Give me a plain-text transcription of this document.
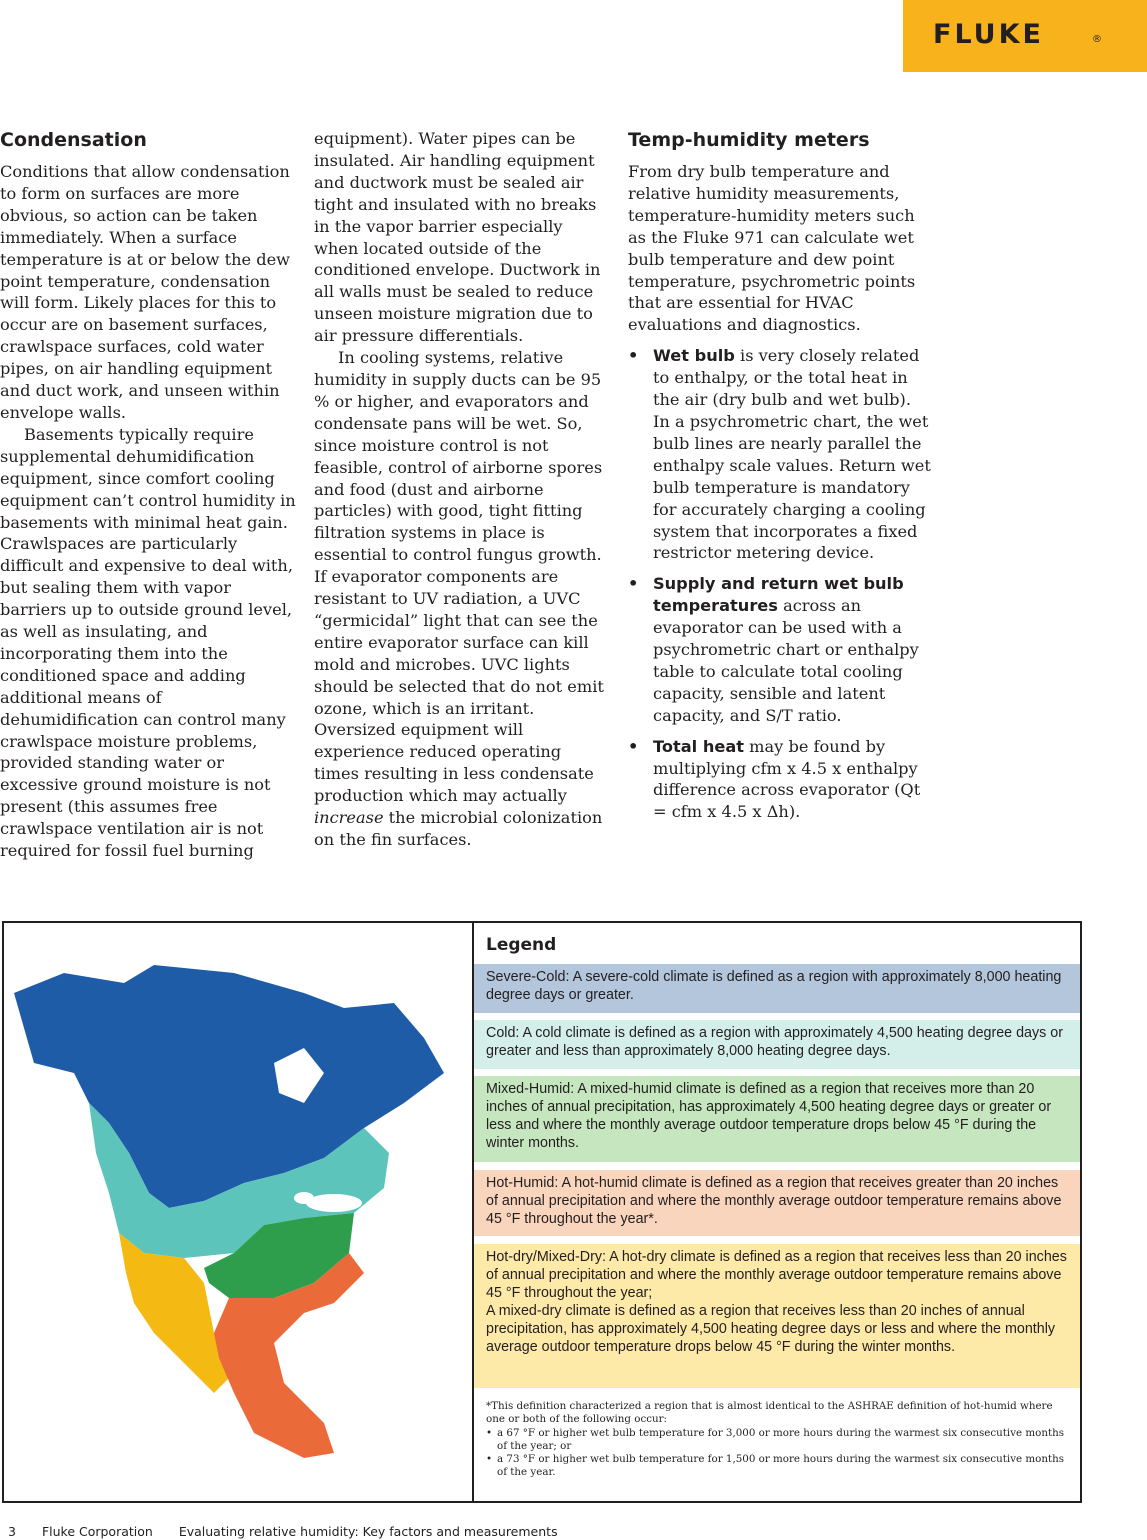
FLUKE	®
Condensation

Conditions that allow condensation to form on surfaces are more obvious, so action can be taken immediately. When a surface temperature is at or below the dew point temperature, condensation will form. Likely places for this to occur are on basement surfaces, crawlspace surfaces, cold water pipes, on air handling equipment and duct work, and unseen within envelope walls.

Basements typically require supplemental dehumidification equipment, since comfort cooling equipment can’t control humidity in basements with minimal heat gain. Crawlspaces are particularly difficult and expensive to deal with, but sealing them with vapor barriers up to outside ground level, as well as insulating, and incorporating them into the conditioned space and adding additional means of dehumidification can control many crawlspace moisture problems, provided standing water or excessive ground moisture is not present (this assumes free crawlspace ventilation air is not required for fossil fuel burning

equipment). Water pipes can be insulated. Air handling equipment and ductwork must be sealed air tight and insulated with no breaks in the vapor barrier especially when located outside of the conditioned envelope. Ductwork in all walls must be sealed to reduce unseen moisture migration due to air pressure differentials.

In cooling systems, relative humidity in supply ducts can be 95 % or higher, and evaporators and condensate pans will be wet. So, since moisture control is not feasible, control of airborne spores and food (dust and airborne particles) with good, tight fitting filtration systems in place is essential to control fungus growth. If evaporator components are resistant to UV radiation, a UVC “germicidal” light that can see the entire evaporator surface can kill mold and microbes. UVC lights should be selected that do not emit ozone, which is an irritant. Oversized equipment will experience reduced operating times resulting in less condensate production which may actually increase the microbial colonization on the fin surfaces.

Temp-humidity meters

From dry bulb temperature and relative humidity measurements, temperature-humidity meters such as the Fluke 971 can calculate wet bulb temperature and dew point temperature, psychrometric points that are essential for HVAC evaluations and diagnostics.

• Wet bulb is very closely related to enthalpy, or the total heat in the air (dry bulb and wet bulb). In a psychrometric chart, the wet bulb lines are nearly parallel the enthalpy scale values. Return wet bulb temperature is mandatory for accurately charging a cooling system that incorporates a fixed restrictor metering device.
• Supply and return wet bulb temperatures across an evaporator can be used with a psychrometric chart or enthalpy table to calculate total cooling capacity, sensible and latent capacity, and S/T ratio.
• Total heat may be found by multiplying cfm x 4.5 x enthalpy difference across evaporator (Qt = cfm x 4.5 x Δh).
Legend

Severe-Cold: A severe-cold climate is defined as a region with approximately 8,000 heating degree days or greater.

Cold: A cold climate is defined as a region with approximately 4,500 heating degree days or greater and less than approximately 8,000 heating degree days.

Mixed-Humid: A mixed-humid climate is defined as a region that receives more than 20 inches of annual precipitation, has approximately 4,500 heating degree days or greater or less and where the monthly average outdoor temperature drops below 45 °F during the winter months.

Hot-Humid: A hot-humid climate is defined as a region that receives greater than 20 inches of annual precipitation and where the monthly average outdoor temperature remains above 45 °F throughout the year*.

Hot-dry/Mixed-Dry: A hot-dry climate is defined as a region that receives less than 20 inches of annual precipitation and where the monthly average outdoor temperature remains above 45 °F throughout the year;

A mixed-dry climate is defined as a region that receives less than 20 inches of annual precipitation, has approximately 4,500 heating degree days or less and where the monthly average outdoor temperature drops below 45 °F during the winter months.

*This definition characterized a region that is almost identical to the ASHRAE definition of hot-humid where one or both of the following occur:

• a 67 °F or higher wet bulb temperature for 3,000 or more hours during the warmest six consecutive months of the year; or
• a 73 °F or higher wet bulb temperature for 1,500 or more hours during the warmest six consecutive months of the year.
3 Fluke Corporation Evaluating relative humidity: Key factors and measurements
